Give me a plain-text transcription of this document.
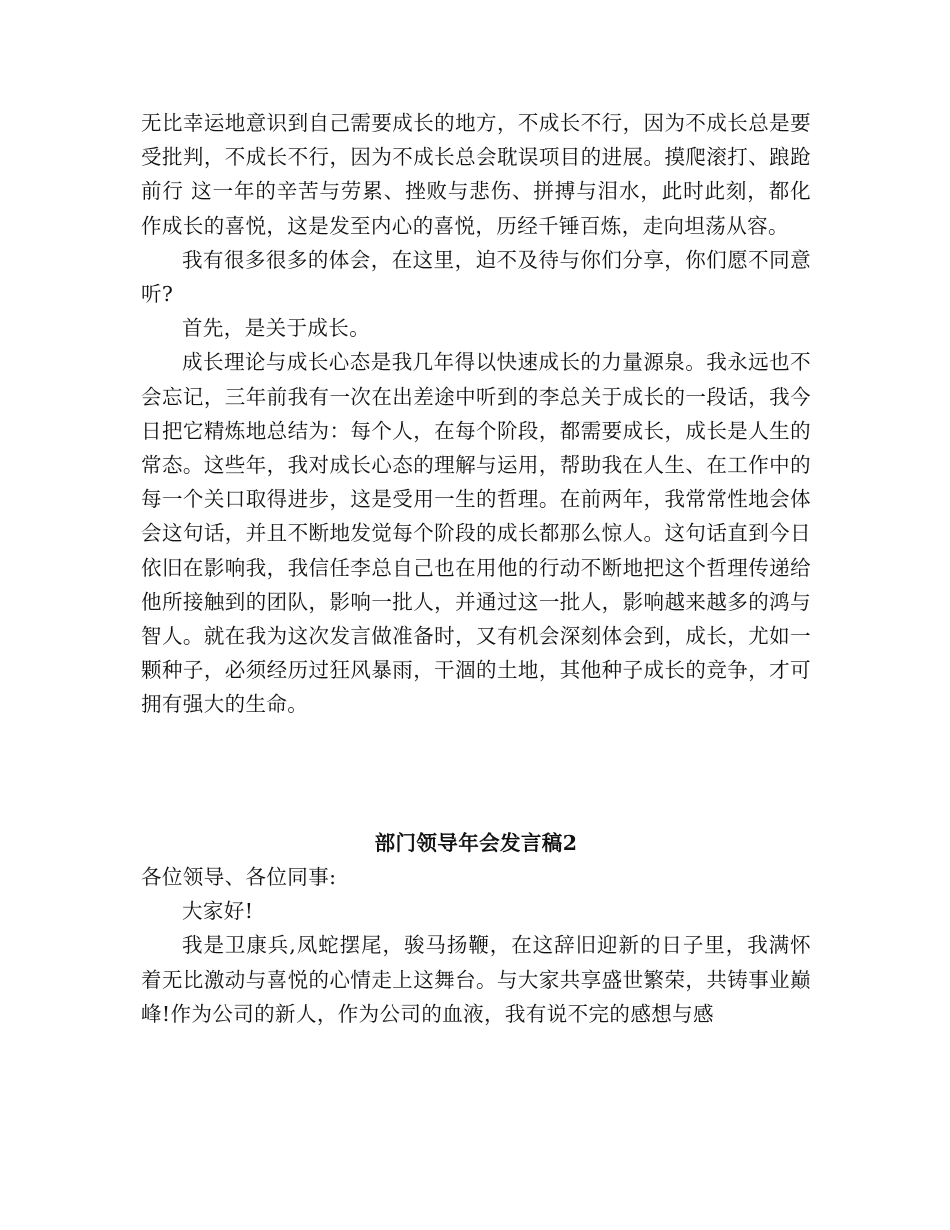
无比幸运地意识到自己需要成长的地方，不成长不行，因为不成长总是要受批判，不成长不行，因为不成长总会耽误项目的进展。摸爬滚打、踉跄前行 这一年的辛苦与劳累、挫败与悲伤、拼搏与泪水，此时此刻，都化作成长的喜悦，这是发至内心的喜悦，历经千锤百炼，走向坦荡从容。

我有很多很多的体会，在这里，迫不及待与你们分享，你们愿不同意听?

首先，是关于成长。

成长理论与成长心态是我几年得以快速成长的力量源泉。我永远也不会忘记，三年前我有一次在出差途中听到的李总关于成长的一段话，我今日把它精炼地总结为：每个人，在每个阶段，都需要成长，成长是人生的常态。这些年，我对成长心态的理解与运用，帮助我在人生、在工作中的每一个关口取得进步，这是受用一生的哲理。在前两年，我常常性地会体会这句话，并且不断地发觉每个阶段的成长都那么惊人。这句话直到今日依旧在影响我，我信任李总自己也在用他的行动不断地把这个哲理传递给他所接触到的团队，影响一批人，并通过这一批人，影响越来越多的鸿与智人。就在我为这次发言做准备时，又有机会深刻体会到，成长，尤如一颗种子，必须经历过狂风暴雨，干涸的土地，其他种子成长的竞争，才可拥有强大的生命。

部门领导年会发言稿2

各位领导、各位同事:

大家好!

我是卫康兵,凤蛇摆尾，骏马扬鞭，在这辞旧迎新的日子里，我满怀着无比激动与喜悦的心情走上这舞台。与大家共享盛世繁荣，共铸事业巅峰!作为公司的新人，作为公司的血液，我有说不完的感想与感
